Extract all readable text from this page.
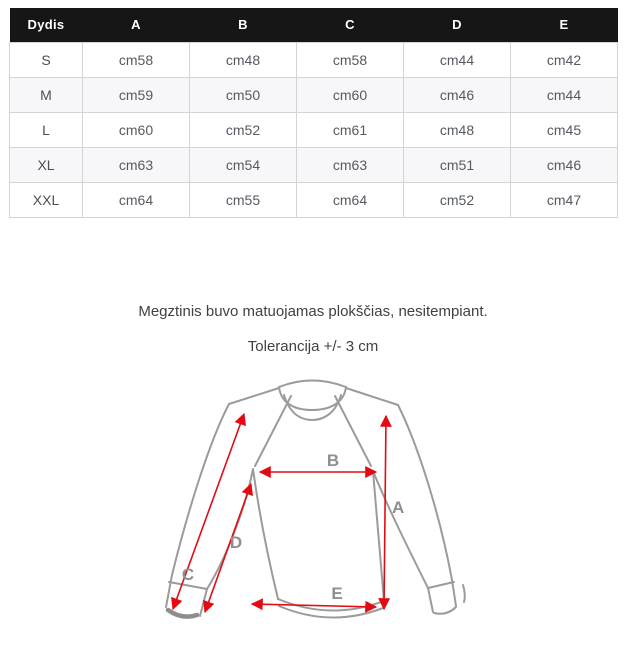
Dydis	A	B	C	D	E
S	cm58	cm48	cm58	cm44	cm42
M	cm59	cm50	cm60	cm46	cm44
L	cm60	cm52	cm61	cm48	cm45
XL	cm63	cm54	cm63	cm51	cm46
XXL	cm64	cm55	cm64	cm52	cm47
Megztinis buvo matuojamas plokščias, nesitempiant.
Tolerancija +/- 3 cm
B
A
D
C
E
